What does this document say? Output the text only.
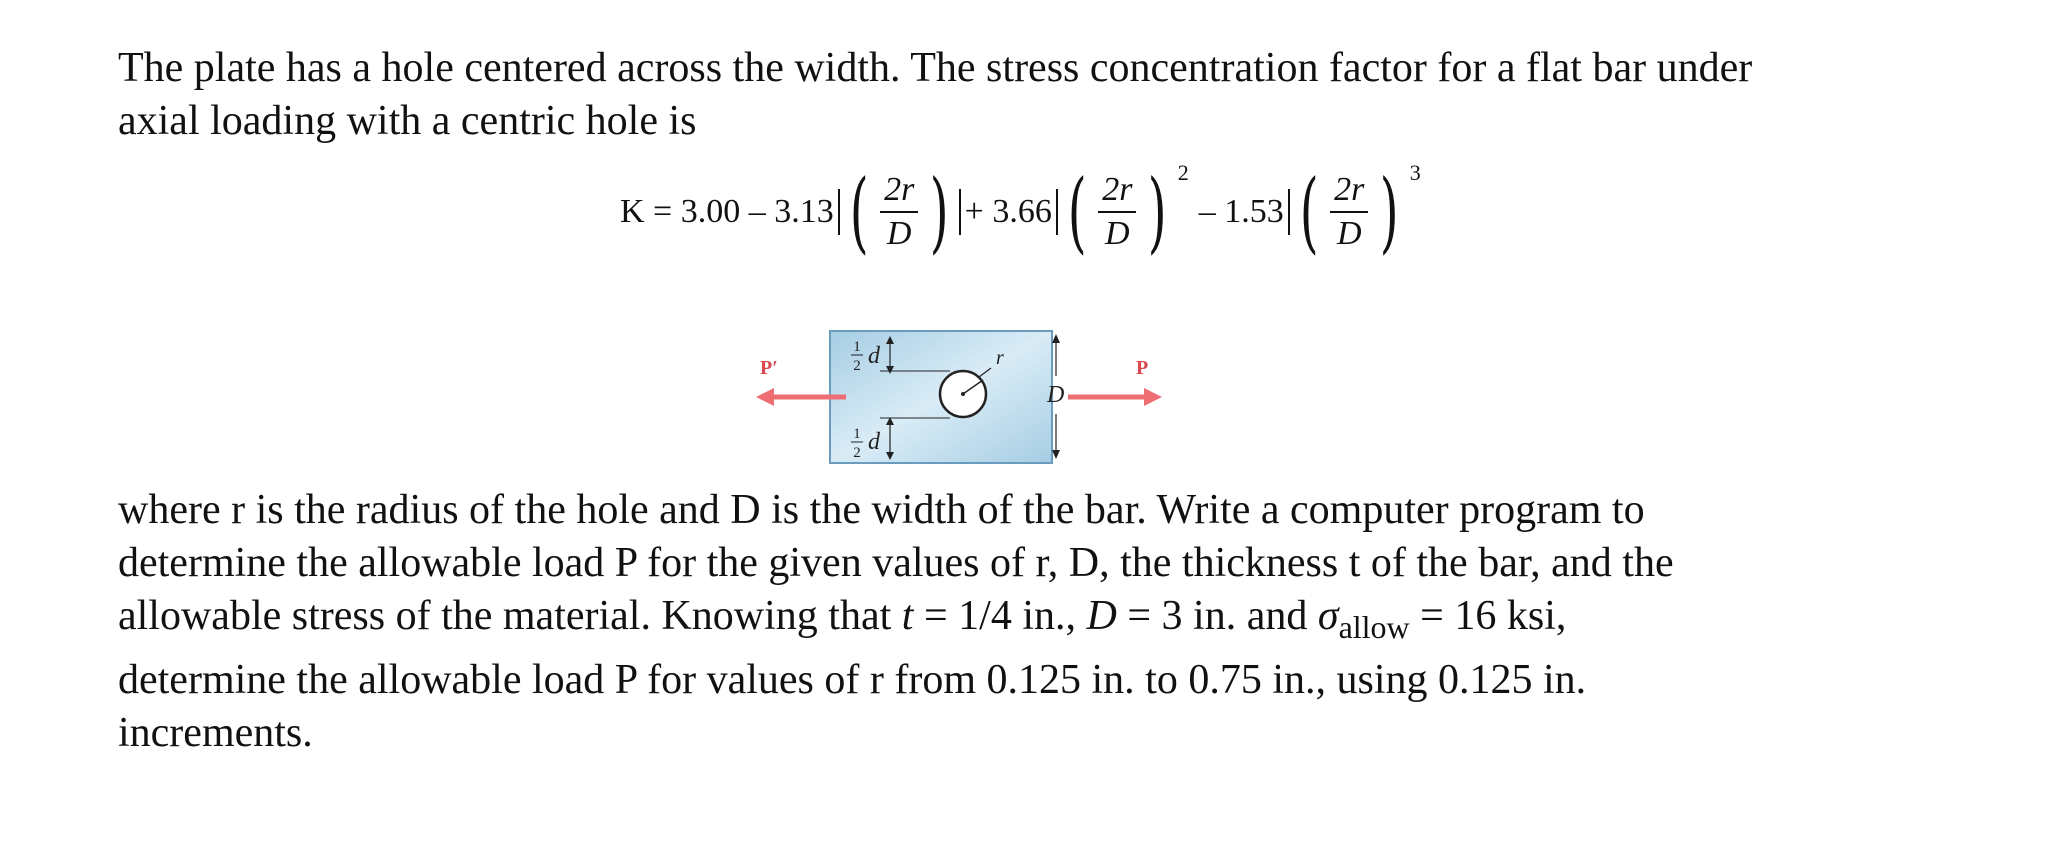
The plate has a hole centered across the width. The stress concentration factor for a flat bar under

axial loading with a centric hole is

K = 3.00 – 3.13 ( $\frac{2r}{D}$ ) + 3.66 ( $\frac{2r}{D}$ ) 2
– 1.53 ( $\frac{2r}{D}$ ) 3
r
1
2 d
1
2 d
D
P′	P

where r is the radius of the hole and D is the width of the bar. Write a computer program to

determine the allowable load P for the given values of r, D, the thickness t of the bar, and the

allowable stress of the material. Knowing that t = 1/4 in., D = 3 in. and $\sigma_{allow} = 16$ ksi,

determine the allowable load P for values of r from 0.125 in. to 0.75 in., using 0.125 in.

increments.
